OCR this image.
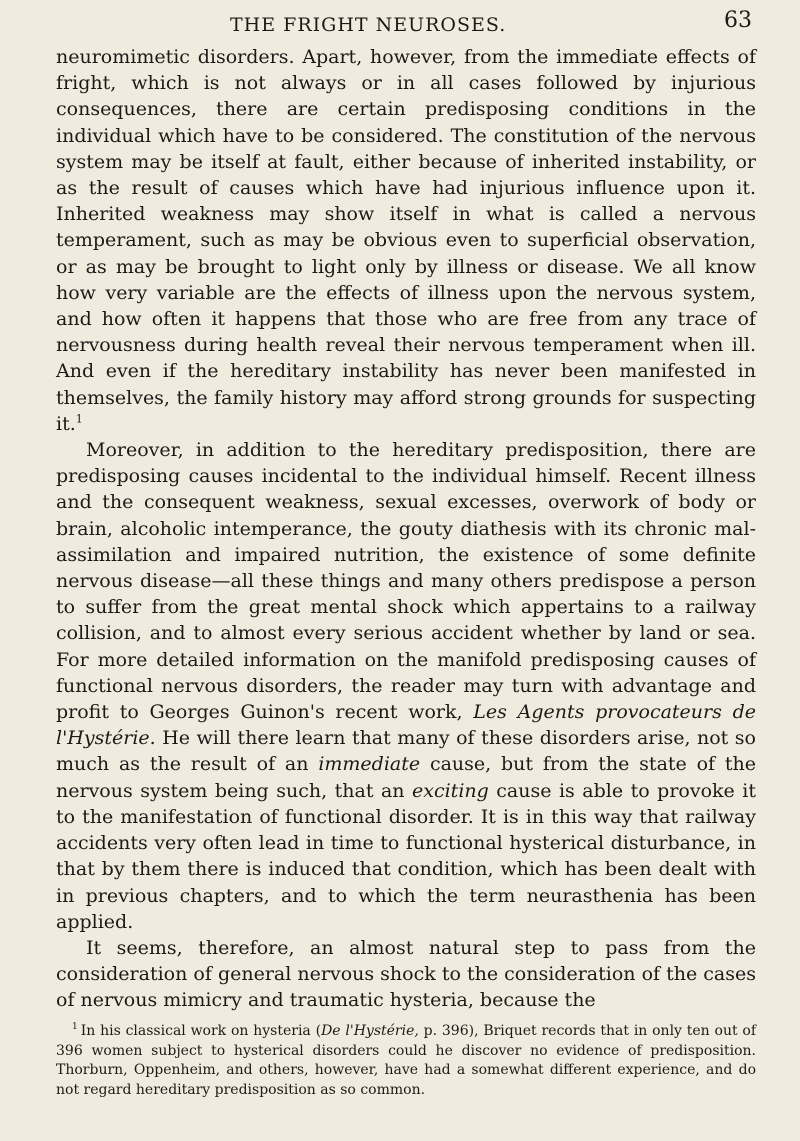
THE FRIGHT NEUROSES.	63

neuromimetic disorders. Apart, however, from the immediate effects of fright, which is not always or in all cases followed by injurious consequences, there are certain predisposing conditions in the individual which have to be considered. The constitution of the nervous system may be itself at fault, either because of inherited instability, or as the result of causes which have had injurious influence upon it. Inherited weakness may show itself in what is called a nervous temperament, such as may be obvious even to superficial observation, or as may be brought to light only by illness or disease. We all know how very variable are the effects of illness upon the nervous system, and how often it happens that those who are free from any trace of nervousness during health reveal their nervous temperament when ill. And even if the hereditary instability has never been manifested in themselves, the family history may afford strong grounds for suspecting it.$^1$

Moreover, in addition to the hereditary predisposition, there are predisposing causes incidental to the individual himself. Recent illness and the consequent weakness, sexual excesses, overwork of body or brain, alcoholic intemperance, the gouty diathesis with its chronic mal-assimilation and impaired nutrition, the existence of some definite nervous disease—all these things and many others predispose a person to suffer from the great mental shock which appertains to a railway collision, and to almost every serious accident whether by land or sea. For more detailed information on the manifold predisposing causes of functional nervous disorders, the reader may turn with advantage and profit to Georges Guinon's recent work, Les Agents provocateurs de l'Hystérie. He will there learn that many of these disorders arise, not so much as the result of an immediate cause, but from the state of the nervous system being such, that an exciting cause is able to provoke it to the manifestation of functional disorder. It is in this way that railway accidents very often lead in time to functional hysterical disturbance, in that by them there is induced that condition, which has been dealt with in previous chapters, and to which the term neurasthenia has been applied.

It seems, therefore, an almost natural step to pass from the consideration of general nervous shock to the consideration of the cases of nervous mimicry and traumatic hysteria, because the

$^1$ In his classical work on hysteria (De l'Hystérie, p. 396), Briquet records that in only ten out of 396 women subject to hysterical disorders could he discover no evidence of predisposition. Thorburn, Oppenheim, and others, however, have had a somewhat different experience, and do not regard hereditary predisposition as so common.
